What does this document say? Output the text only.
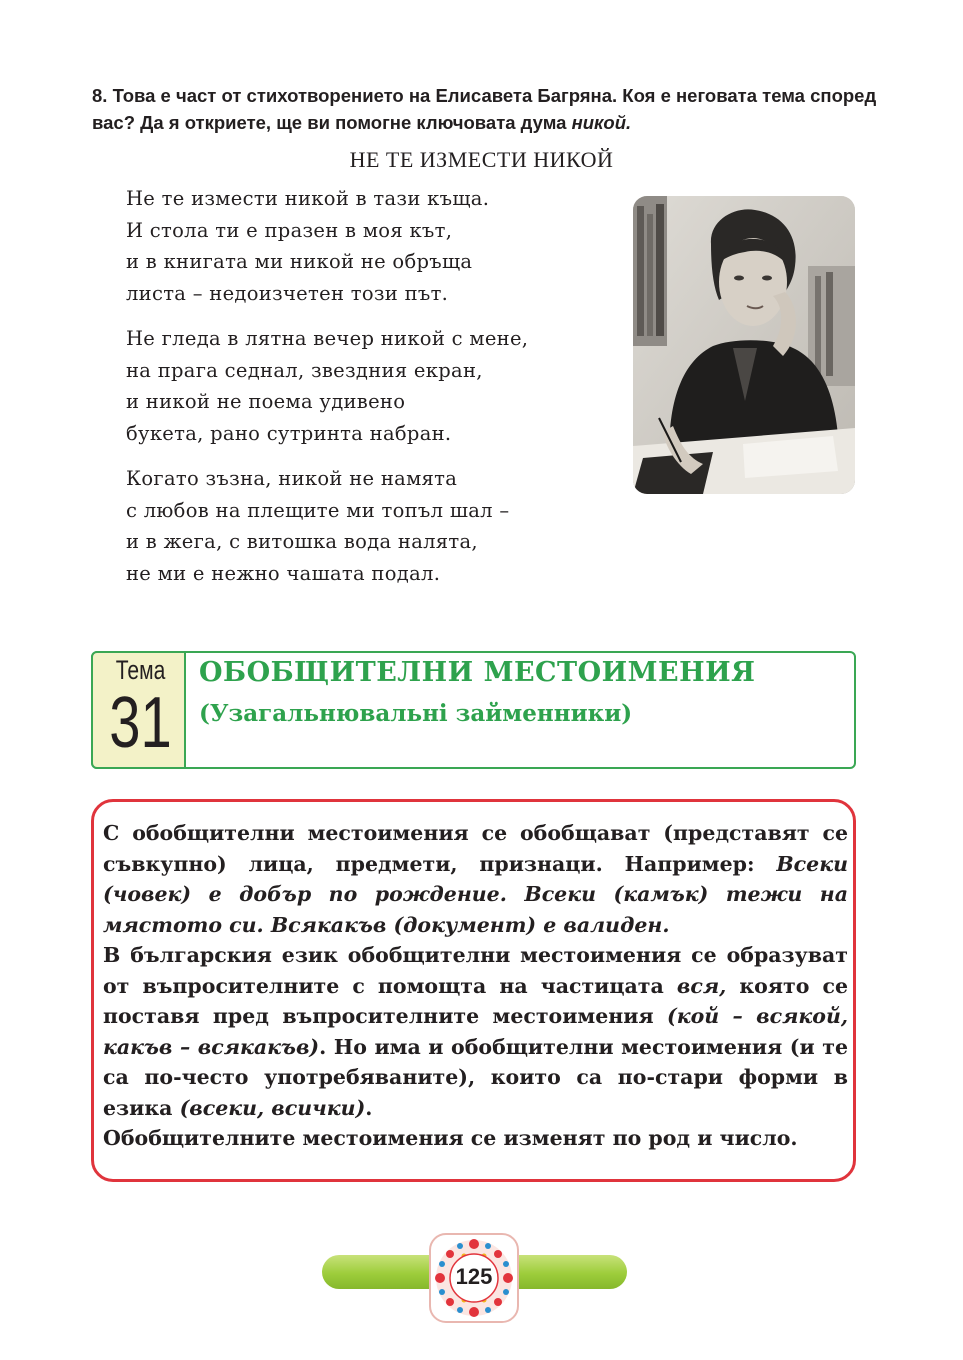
8. Това е част от стихотворението на Елисавета Багряна. Коя е неговата тема според вас? Да я откриете, ще ви помогне ключовата дума никой.
НЕ ТЕ ИЗМЕСТИ НИКОЙ
Не те измести никой в тази къща.
И стола ти е празен в моя кът,
и в книгата ми никой не обръща
листа – недоизчетен този път.
Не гледа в лятна вечер никой с мене,
на прага седнал, звездния екран,
и никой не поема удивено
букета, рано сутринта набран.
Когато зъзна, никой не намята
с любов на плещите ми топъл шал –
и в жега, с витошка вода налята,
не ми е нежно чашата подал.
Тема
31
ОБОБЩИТЕЛНИ МЕСТОИМЕНИЯ
(Узагальнювальні займенники)

С обобщителни местоимения се обобщават (представят се съвкупно) лица, предмети, признаци. Например: Всеки (човек) е добър по рождение. Всеки (камък) тежи на мястото си. Всякакъв (документ) е валиден.

В българския език обобщителни местоимения се образуват от въпросителните с помощта на частицата вся, която се поставя пред въпросителните местоимения (кой – всякой, какъв – всякакъв). Но има и обобщителни местоимения (и те са по-често употребяваните), които са по-стари форми в езика (всеки, всички).

Обобщителните местоимения се изменят по род и число.

125
